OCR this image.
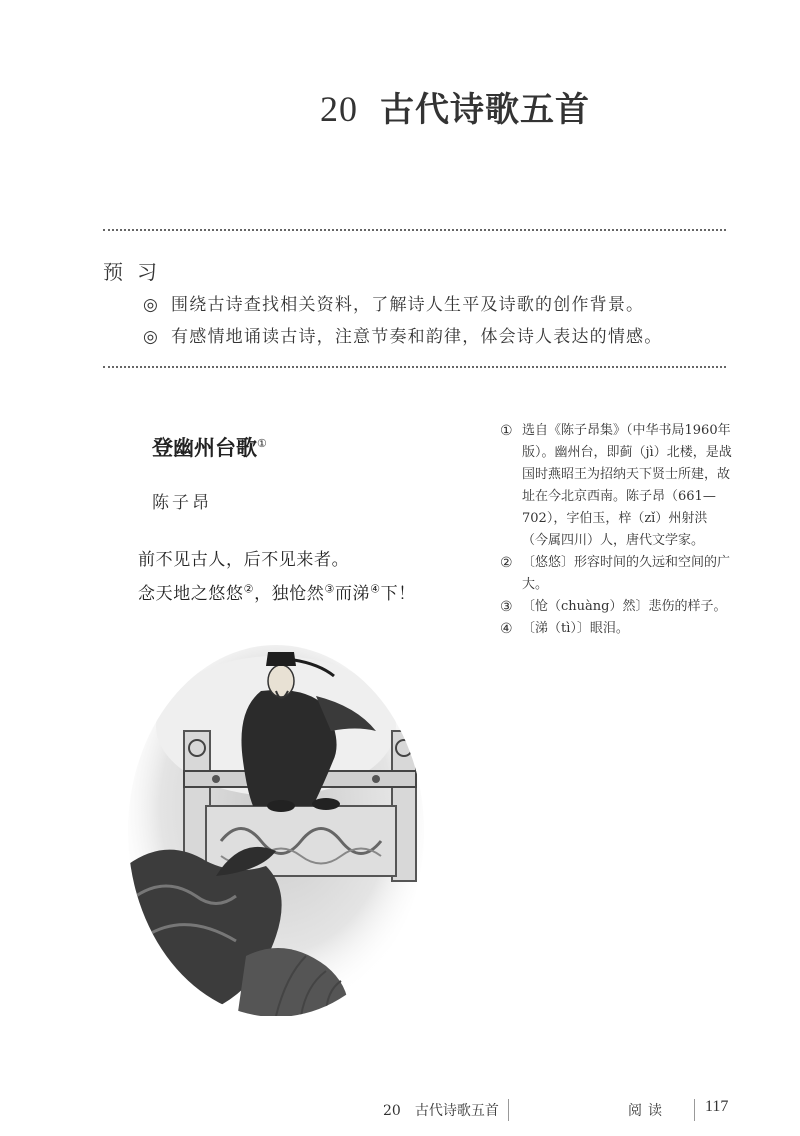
20 古代诗歌五首
预习
◎ 围绕古诗查找相关资料，了解诗人生平及诗歌的创作背景。
◎ 有感情地诵读古诗，注意节奏和韵律，体会诗人表达的情感。
登幽州台歌①
陈子昂
前不见古人，后不见来者。
念天地之悠悠②，独怆然③而涕④下！
① 选自《陈子昂集》（中华书局1960年版）。幽州台，即蓟（jì）北楼，是战国时燕昭王为招纳天下贤士所建，故址在今北京西南。陈子昂（661—702），字伯玉，梓（zǐ）州射洪（今属四川）人，唐代文学家。
② 〔悠悠〕形容时间的久远和空间的广大。
③ 〔怆（chuàng）然〕悲伤的样子。
④ 〔涕（tì）〕眼泪。
20　古代诗歌五首	阅读 117
